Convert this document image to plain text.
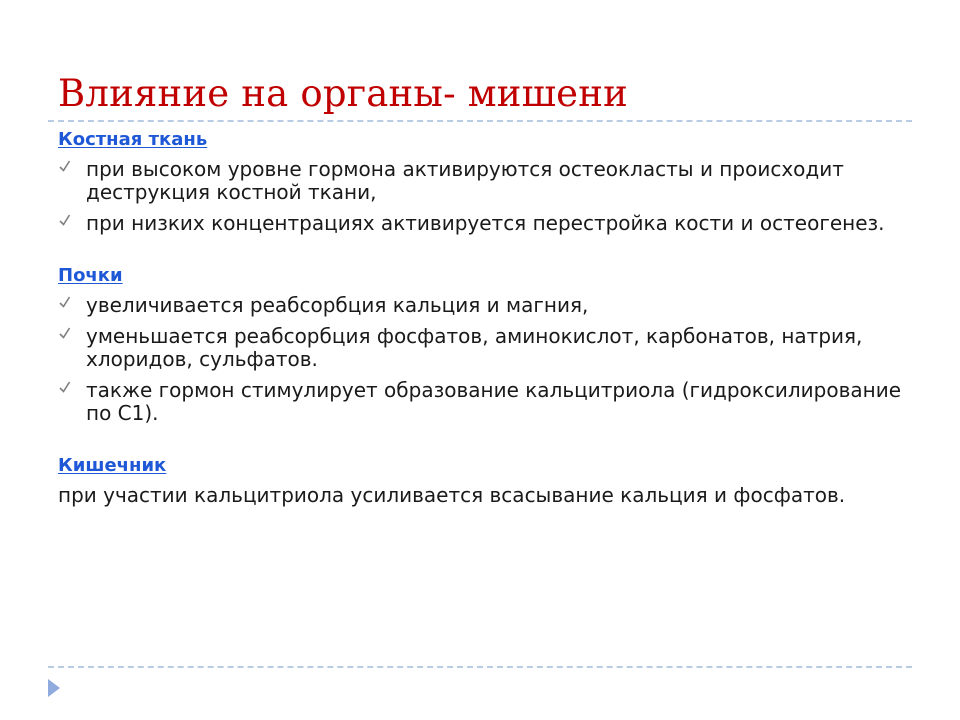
Влияние на органы- мишени
Костная ткань
при высоком уровне гормона активируются остеокласты и происходит деструкция костной ткани,
при низких концентрациях активируется перестройка кости и остеогенез.
Почки
увеличивается реабсорбция кальция и магния,
уменьшается реабсорбция фосфатов, аминокислот, карбонатов, натрия, хлоридов, сульфатов.
также гормон стимулирует образование кальцитриола (гидроксилирование по С1).
Кишечник

при участии кальцитриола усиливается всасывание кальция и фосфатов.
